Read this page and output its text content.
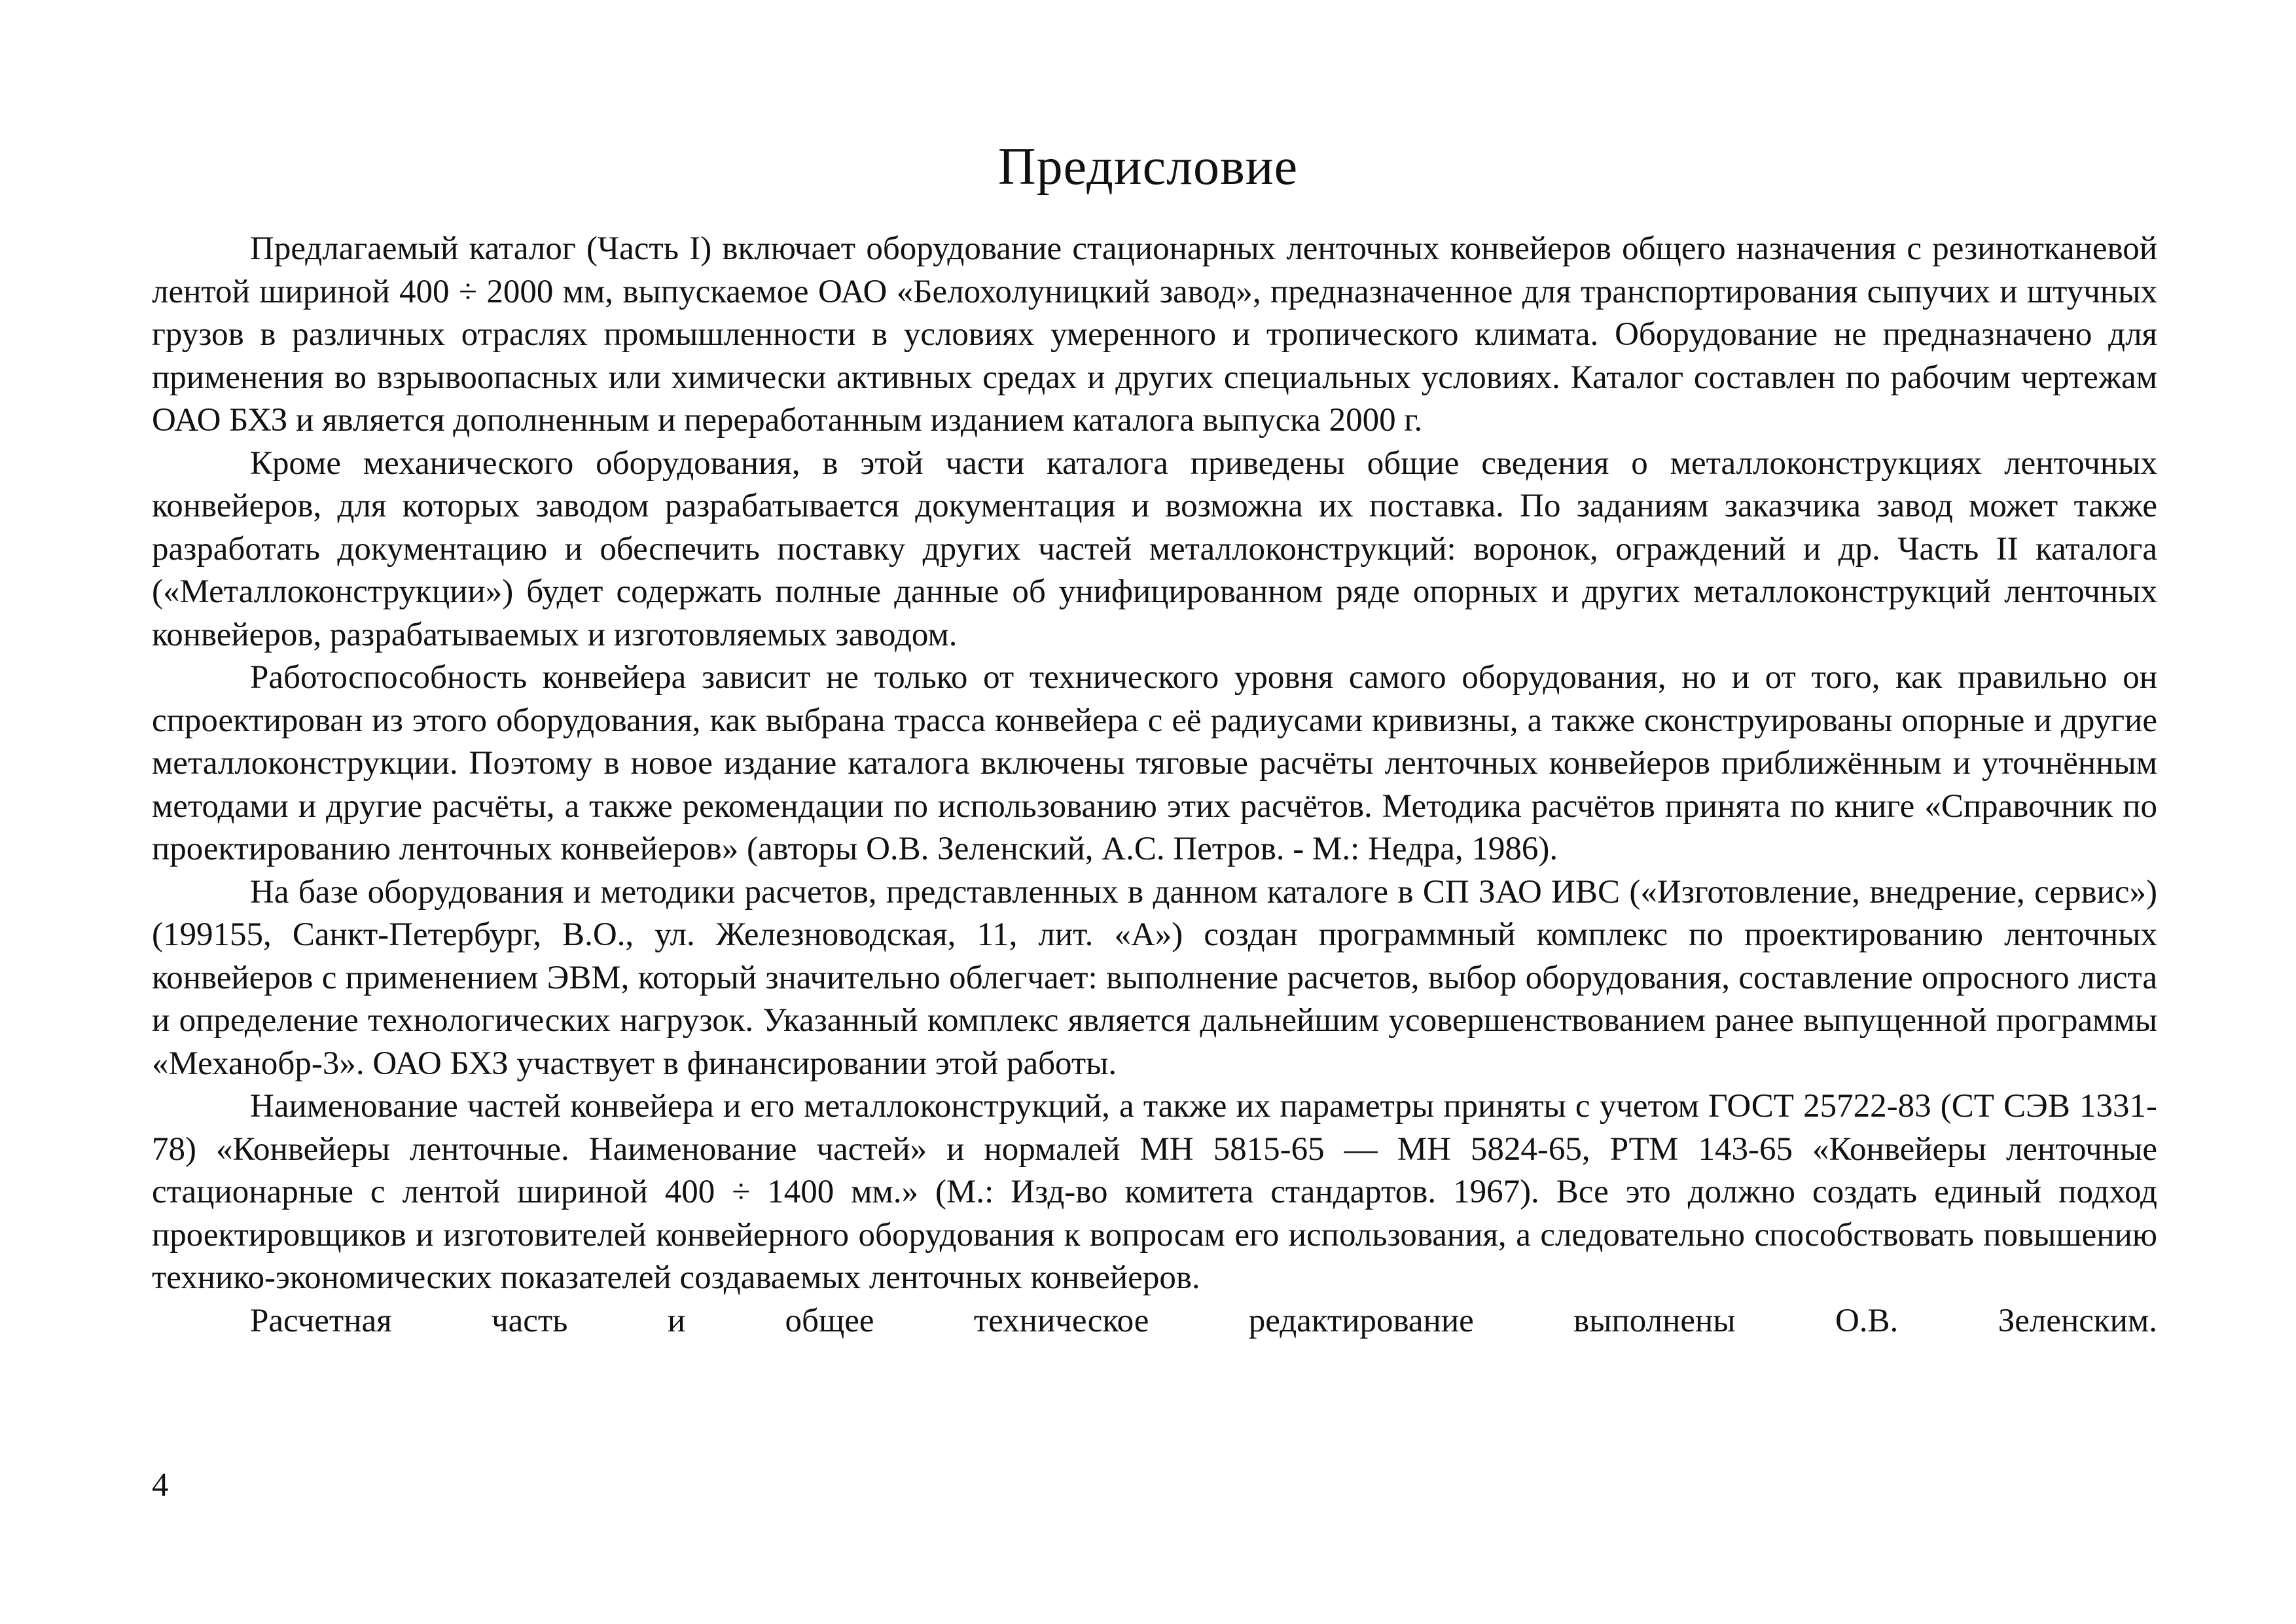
Предисловие

Предлагаемый каталог (Часть I) включает оборудование стационарных ленточных конвейеров общего назначения с резинотканевой лентой шириной 400 ÷ 2000 мм, выпускаемое ОАО «Белохолуницкий завод», предназначенное для транспортирования сыпучих и штучных грузов в различных отраслях промышленности в условиях умеренного и тропического климата. Оборудование не предназначено для применения во взрывоопасных или химически активных средах и других специальных условиях. Каталог составлен по рабочим чертежам ОАО БХЗ и является дополненным и переработанным изданием каталога выпуска 2000 г.

Кроме механического оборудования, в этой части каталога приведены общие сведения о металлоконструкциях ленточных конвейеров, для которых заводом разрабатывается документация и возможна их поставка. По заданиям заказчика завод может также разработать документацию и обеспечить поставку других частей металлоконструкций: воронок, ограждений и др. Часть II каталога («Металлоконструкции») будет содержать полные данные об унифицированном ряде опорных и других металлоконструкций ленточных конвейеров, разрабатываемых и изготовляемых заводом.

Работоспособность конвейера зависит не только от технического уровня самого оборудования, но и от того, как правильно он спроектирован из этого оборудования, как выбрана трасса конвейера с её радиусами кривизны, а также сконструированы опорные и другие металлоконструкции. Поэтому в новое издание каталога включены тяговые расчёты ленточных конвейеров приближённым и уточнённым методами и другие расчёты, а также рекомендации по использованию этих расчётов. Методика расчётов принята по книге «Справочник по проектированию ленточных конвейеров» (авторы О.В. Зеленский, А.С. Петров. - М.: Недра, 1986).

На базе оборудования и методики расчетов, представленных в данном каталоге в СП ЗАО ИВС («Изготовление, внедрение, сервис») (199155, Санкт-Петербург, В.О., ул. Железноводская, 11, лит. «А») создан программный комплекс по проектированию ленточных конвейеров с применением ЭВМ, который значительно облегчает: выполнение расчетов, выбор оборудования, составление опросного листа и определение технологических нагрузок. Указанный комплекс является дальнейшим усовершенствованием ранее выпущенной программы «Механобр-3». ОАО БХЗ участвует в финансировании этой работы.

Наименование частей конвейера и его металлоконструкций, а также их параметры приняты с учетом ГОСТ 25722-83 (СТ СЭВ 1331-78) «Конвейеры ленточные. Наименование частей» и нормалей МН 5815-65 — МН 5824-65, РТМ 143-65 «Конвейеры ленточные стационарные с лентой шириной 400 ÷ 1400 мм.» (М.: Изд-во комитета стандартов. 1967). Все это должно создать единый подход проектировщиков и изготовителей конвейерного оборудования к вопросам его использования, а следовательно способствовать повышению технико-экономических показателей создаваемых ленточных конвейеров.

Расчетная часть и общее техническое редактирование выполнены О.В. Зеленским.

4
